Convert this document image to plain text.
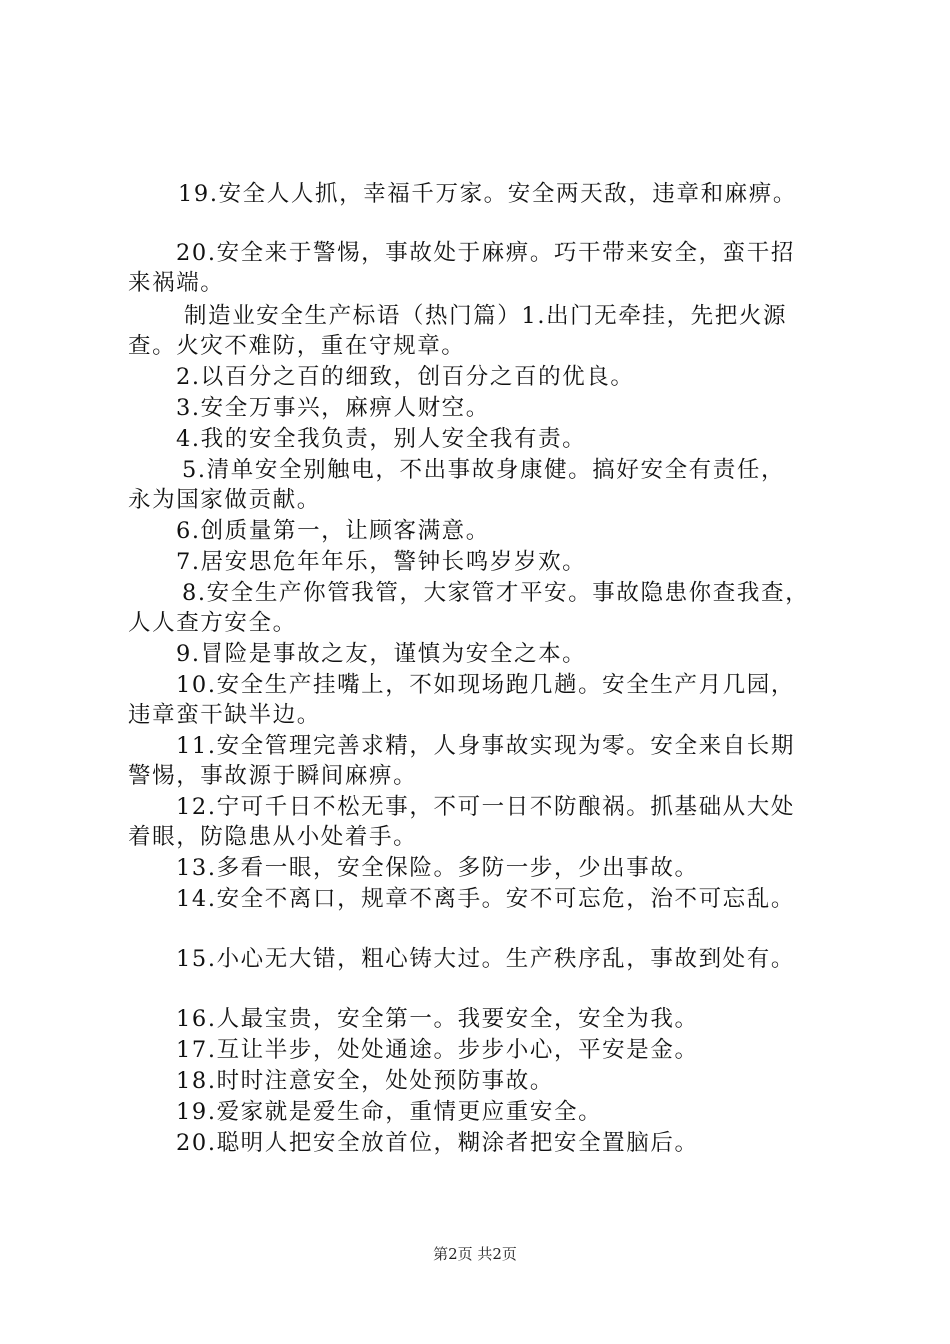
19.安全人人抓，幸福千万家。安全两天敌，违章和麻痹。
20.安全来于警惕，事故处于麻痹。巧干带来安全，蛮干招
来祸端。
制造业安全生产标语（热门篇）1.出门无牵挂，先把火源
查。火灾不难防，重在守规章。
2.以百分之百的细致，创百分之百的优良。
3.安全万事兴，麻痹人财空。
4.我的安全我负责，别人安全我有责。
5.清单安全别触电，不出事故身康健。搞好安全有责任，
永为国家做贡献。
6.创质量第一，让顾客满意。
7.居安思危年年乐，警钟长鸣岁岁欢。
8.安全生产你管我管，大家管才平安。事故隐患你查我查，
人人查方安全。
9.冒险是事故之友，谨慎为安全之本。
10.安全生产挂嘴上，不如现场跑几趟。安全生产月几园，
违章蛮干缺半边。
11.安全管理完善求精，人身事故实现为零。安全来自长期
警惕，事故源于瞬间麻痹。
12.宁可千日不松无事，不可一日不防酿祸。抓基础从大处
着眼，防隐患从小处着手。
13.多看一眼，安全保险。多防一步，少出事故。
14.安全不离口，规章不离手。安不可忘危，治不可忘乱。
15.小心无大错，粗心铸大过。生产秩序乱，事故到处有。
16.人最宝贵，安全第一。我要安全，安全为我。
17.互让半步，处处通途。步步小心，平安是金。
18.时时注意安全，处处预防事故。
19.爱家就是爱生命，重情更应重安全。
20.聪明人把安全放首位，糊涂者把安全置脑后。
第2页 共2页
